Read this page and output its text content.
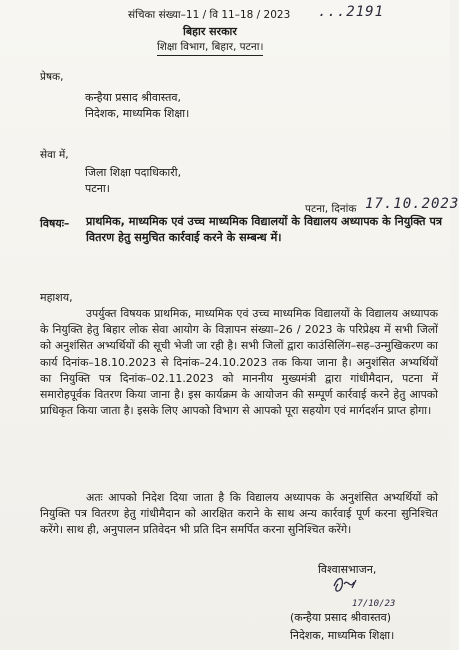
संचिका संख्या–11 / वि 11–18 / 2023 ...2191
बिहार सरकार
शिक्षा विभाग, बिहार, पटना।
प्रेषक,
कन्हैया प्रसाद श्रीवास्तव,
निदेशक, माध्यमिक शिक्षा।
सेवा में,
जिला शिक्षा पदाधिकारी,
पटना।
पटना, दिनांक 17.10.2023
विषयः– प्राथमिक, माध्यमिक एवं उच्च माध्यमिक विद्यालयों के विद्यालय अध्यापक के नियुक्ति पत्र वितरण हेतु समुचित कार्रवाई करने के सम्बन्ध में।
महाशय,
उपर्युक्त विषयक प्राथमिक, माध्यमिक एवं उच्च माध्यमिक विद्यालयों के विद्यालय अध्यापक के नियुक्ति हेतु बिहार लोक सेवा आयोग के विज्ञापन संख्या–26 / 2023 के परिप्रेक्ष्य में सभी जिलों को अनुशंसित अभ्यर्थियों की सूची भेजी जा रही है। सभी जिलों द्वारा काउंसिलिंग–सह–उन्मुखिकरण का कार्य दिनांक–18.10.2023 से दिनांक–24.10.2023 तक किया जाना है। अनुशंसित अभ्यर्थियों का नियुक्ति पत्र दिनांक–02.11.2023 को माननीय मुख्यमंत्री द्वारा गांधीमैदान, पटना में समारोहपूर्वक वितरण किया जाना है। इस कार्यक्रम के आयोजन की सम्पूर्ण कार्रवाई करने हेतु आपको प्राधिकृत किया जाता है। इसके लिए आपको विभाग से आपको पूरा सहयोग एवं मार्गदर्शन प्राप्त होगा।
अतः आपको निदेश दिया जाता है कि विद्यालय अध्यापक के अनुशंसित अभ्यर्थियों को नियुक्ति पत्र वितरण हेतु गांधीमैदान को आरक्षित कराने के साथ अन्य कार्रवाई पूर्ण करना सुनिश्चित करेंगे। साथ ही, अनुपालन प्रतिवेदन भी प्रति दिन समर्पित करना सुनिश्चित करेंगे।
विश्वासभाजन,
17/10/23
(कन्हैया प्रसाद श्रीवास्तव)
निदेशक, माध्यमिक शिक्षा।
